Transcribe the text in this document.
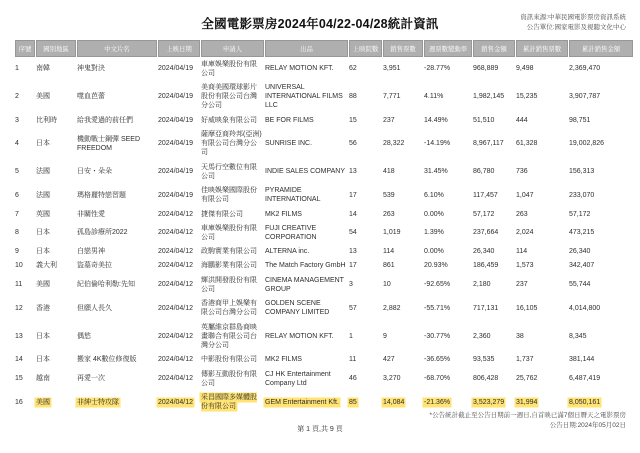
全國電影票房2024年04/22-04/28統計資訊	資訊來源:中華民國電影票房資訊系統
公告單位:國家電影及視聽文化中心
序號	國別地區	中文片名	上映日期	申請人	出品	上映院數	銷售票數	週票數變動率	銷售金額	累計銷售票數	累計銷售金額
1	南韓	神鬼對決	2024/04/19	車庫娛樂股份有限公司	RELAY MOTION KFT.	62	3,951	-28.77%	968,889	9,498	2,369,470
2	美國	噬血芭蕾	2024/04/19	美商美國環球影片股份有限公司台灣分公司	UNIVERSAL INTERNATIONAL FILMS LLC	88	7,771	4.11%	1,982,145	15,235	3,907,787
3	比利時	給我愛過的前任們	2024/04/19	好威映象有限公司	BE FOR FILMS	15	237	14.49%	51,510	444	98,751
4	日本	機動戰士鋼彈 SEED FREEDOM	2024/04/19	薩摩亞商羚邦(亞洲)有限公司台灣分公司	SUNRISE INC.	56	28,322	-14.19%	8,967,117	61,328	19,002,826
5	法國	日安・朵朵	2024/04/19	天馬行空數位有限公司	INDIE SALES COMPANY	13	418	31.45%	86,780	736	156,313
6	法國	瑪格麗特戀習題	2024/04/19	佳映娛樂國際股份有限公司	PYRAMIDE INTERNATIONAL	17	539	6.10%	117,457	1,047	233,070
7	英國	非關性愛	2024/04/12	捷傑有限公司	MK2 FILMS	14	263	0.00%	57,172	263	57,172
8	日本	孤島診療所2022	2024/04/12	車庫娛樂股份有限公司	FUJI CREATIVE CORPORATION	54	1,019	1.39%	237,664	2,024	473,215
9	日本	白戀男神	2024/04/12	政駒實業有限公司	ALTERNA inc.	13	114	0.00%	26,340	114	26,340
10	義大利	盜墓奇美拉	2024/04/12	海鵬影業有限公司	The Match Factory GmbH	17	861	20.93%	186,459	1,573	342,407
11	美國	紀伯倫哈利勒:先知	2024/04/12	輝洪開發股份有限公司	CINEMA MANAGEMENT GROUP	3	10	-92.65%	2,180	237	55,744
12	香港	但願人長久	2024/04/12	香港商甲上娛樂有限公司台灣分公司	GOLDEN SCENE COMPANY LIMITED	57	2,882	-55.71%	717,131	16,105	4,014,800
13	日本	偶慾	2024/04/12	英屬維京群島商映畫聯合有限公司台灣分公司	RELAY MOTION KFT.	1	9	-30.77%	2,360	38	8,345
14	日本	搬家 4K數位修復版	2024/04/12	中影股份有限公司	MK2 FILMS	11	427	-36.65%	93,535	1,737	381,144
15	越南	再愛一次	2024/04/12	傳影互動股份有限公司	CJ HK Entertainment Company Ltd	46	3,270	-68.70%	806,428	25,762	6,487,419
16	美國	非紳士特攻隊	2024/04/12	采昌國際多媒體股份有限公司	GEM Entertainment Kft.	85	14,084	-21.36%	3,523,279	31,994	8,050,161
第 1 頁,共 9 頁
*公告統計截止至公告日期前一週日,自首映已滿7個日曆天之電影票房
公告日期:2024年05月02日
